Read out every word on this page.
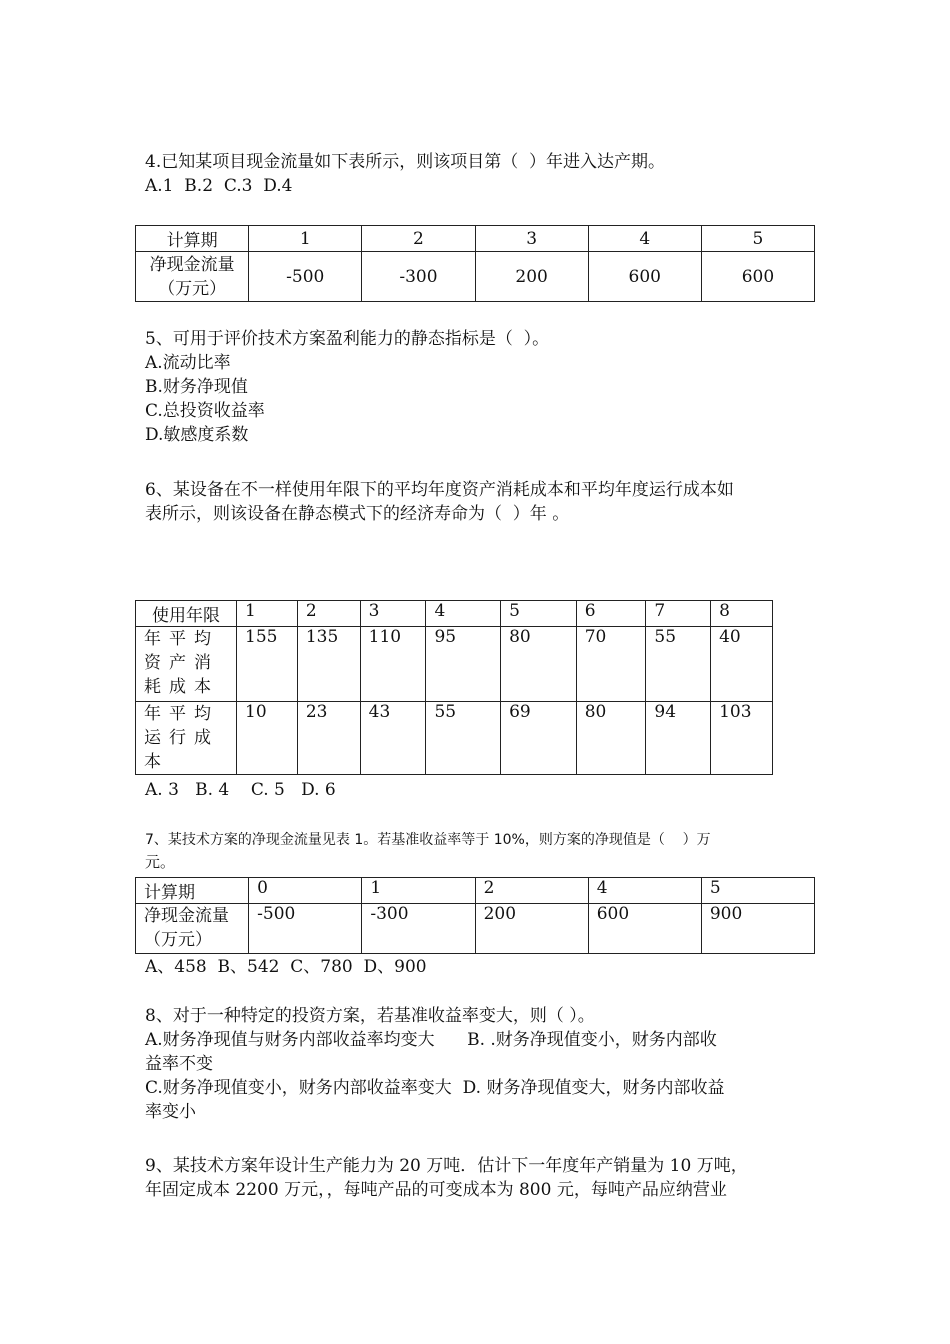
4.已知某项目现金流量如下表所示，则该项目第（  ）年进入达产期。
A.1  B.2  C.3  D.4
计算期	1	2	3	4	5

净现金流量
（万元）	-500	-300	200	600	600
5、可用于评价技术方案盈利能力的静态指标是（  ）。
A.流动比率
B.财务净现值
C.总投资收益率
D.敏感度系数
6、某设备在不一样使用年限下的平均年度资产消耗成本和平均年度运行成本如
表所示，则该设备在静态模式下的经济寿命为（  ）年 。
使用年限	1	2	3	4	5	6	7	8

年平均资产消耗成本	155	135	110	95	80	70	55	40

年平均运行成本	10	23	43	55	69	80	94	103
A. 3   B. 4    C. 5   D. 6
7、某技术方案的净现金流量见表 1。若基准收益率等于 10%，则方案的净现值是（    ）万
元。
计算期	0	1	2	4	5

净现金流量
（万元）	-500	-300	200	600	900
A、458  B、542  C、780  D、900
8、对于一种特定的投资方案，若基准收益率变大，则（ ）。
A.财务净现值与财务内部收益率均变大      B. .财务净现值变小，财务内部收
益率不变
C.财务净现值变小，财务内部收益率变大  D. 财务净现值变大，财务内部收益
率变小
9、某技术方案年设计生产能力为 20 万吨．估计下一年度年产销量为 10 万吨，
年固定成本 2200 万元，，每吨产品的可变成本为 800 元，每吨产品应纳营业
